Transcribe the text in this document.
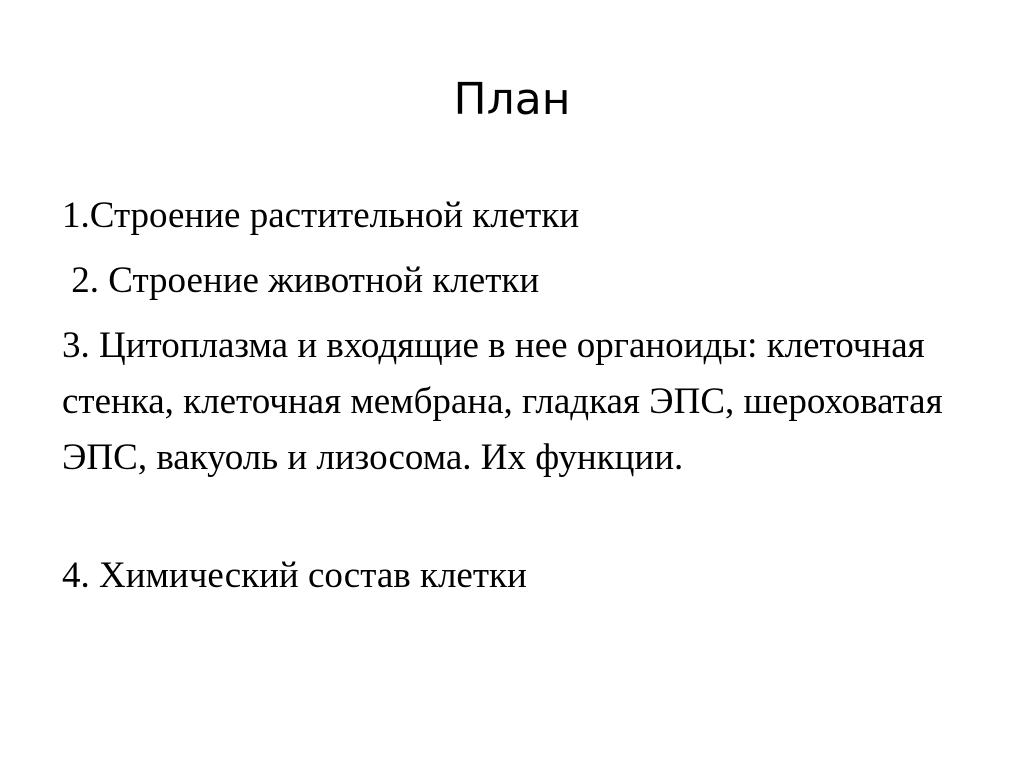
План

1.Строение растительной клетки

2. Строение животной клетки

3. Цитоплазма и входящие в нее органоиды: клеточная стенка, клеточная мембрана, гладкая ЭПС, шероховатая ЭПС, вакуоль и лизосома. Их функции.

4. Химический состав клетки
